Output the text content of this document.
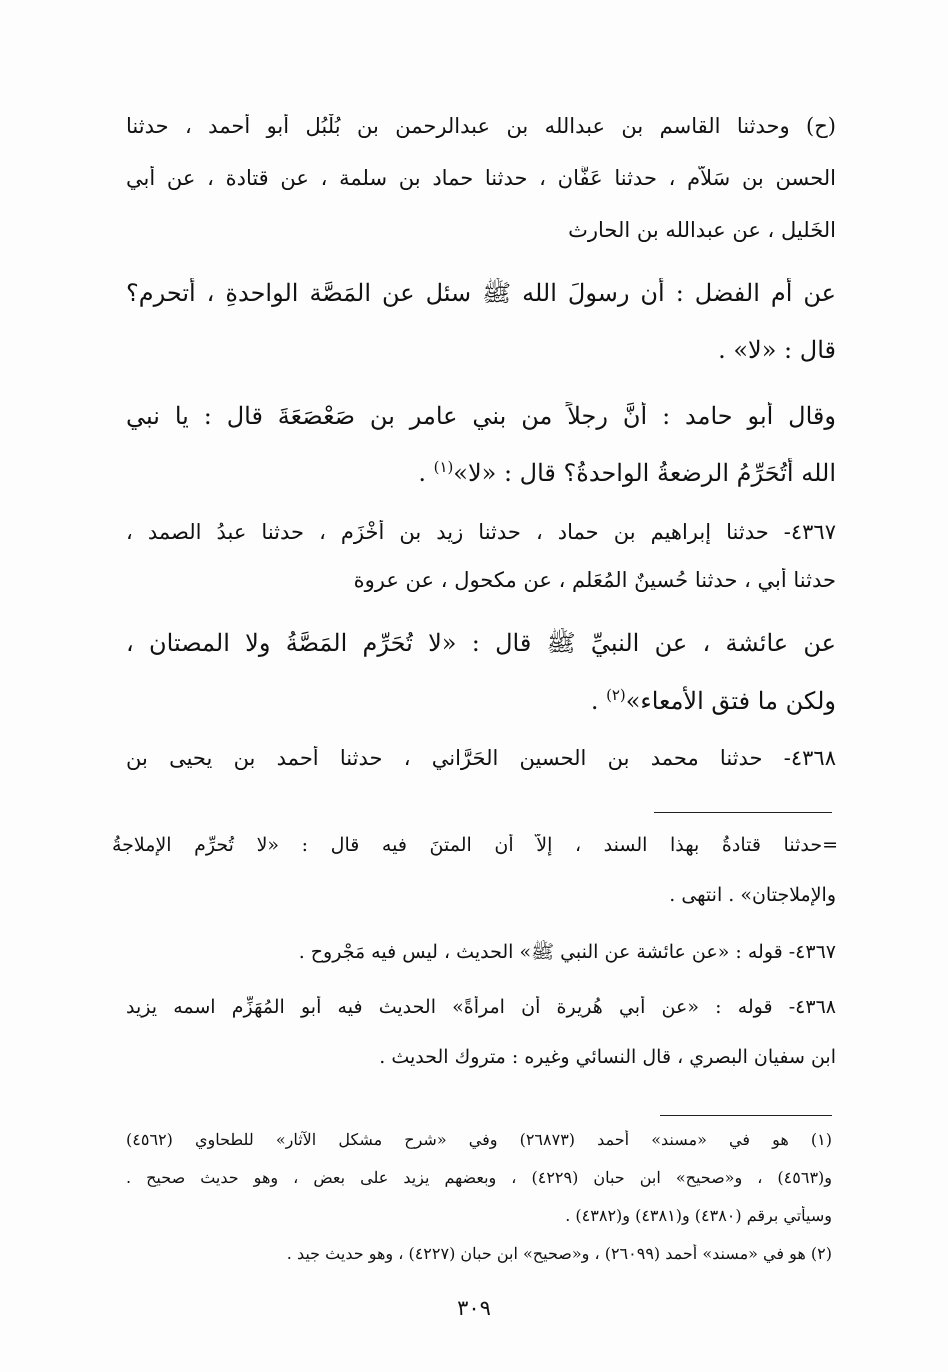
(ح) وحدثنا القاسم بن عبدالله بن عبدالرحمن بن بُلْبُل أبو أحمد ، حدثنا
الحسن بن سَلاَّم ، حدثنا عَفَّان ، حدثنا حماد بن سلمة ، عن قتادة ، عن أبي
الخَليل ، عن عبدالله بن الحارث
عن أُم الفضل : أن رسولَ الله ﷺ سئل عن المَصَّة الواحدةِ ، أتحرم؟
قال : «لا» .
وقال أبو حامد : أنَّ رجلاً من بني عامر بن صَعْصَعَةَ قال : يا نبي
الله أتُحَرِّمُ الرضعةُ الواحدةُ؟ قال : «لا»$^{(١)}$ .
٤٣٦٧- حدثنا إبراهيم بن حماد ، حدثنا زيد بن أخْزَم ، حدثنا عبدُ الصمد ،
حدثنا أبي ، حدثنا حُسينٌ المُعَلم ، عن مكحول ، عن عروة
عن عائشة ، عن النبيِّ ﷺ قال : «لا تُحَرِّم المَصَّةُ ولا المصتان ،
ولكن ما فتق الأمعاء»$^{(٢)}$ .
٤٣٦٨- حدثنا محمد بن الحسين الحَرَّاني ، حدثنا أحمد بن يحيى بن
=حدثنا قتادةُ بهذا السند ، إلاّ أن المتنَ فيه قال : «لا تُحرِّم الإملاجةُ
والإملاجتان» . انتهى .
٤٣٦٧- قوله : «عن عائشة عن النبي ﷺ» الحديث ، ليس فيه مَجْروح .
٤٣٦٨- قوله : «عن أبي هُريرة أن امرأةً» الحديث فيه أبو المُهَزِّم اسمه يزيد
ابن سفيان البصري ، قال النسائي وغيره : متروك الحديث .
(١) هو في «مسند» أحمد (٢٦٨٧٣) وفي «شرح مشكل الآثار» للطحاوي (٤٥٦٢)
و(٤٥٦٣) ، و«صحيح» ابن حبان (٤٢٢٩) ، وبعضهم يزيد على بعض ، وهو حديث صحيح .
وسيأتي برقم (٤٣٨٠) و(٤٣٨١) و(٤٣٨٢) .
(٢) هو في «مسند» أحمد (٢٦٠٩٩) ، و«صحيح» ابن حبان (٤٢٢٧) ، وهو حديث جيد .
٣٠٩
